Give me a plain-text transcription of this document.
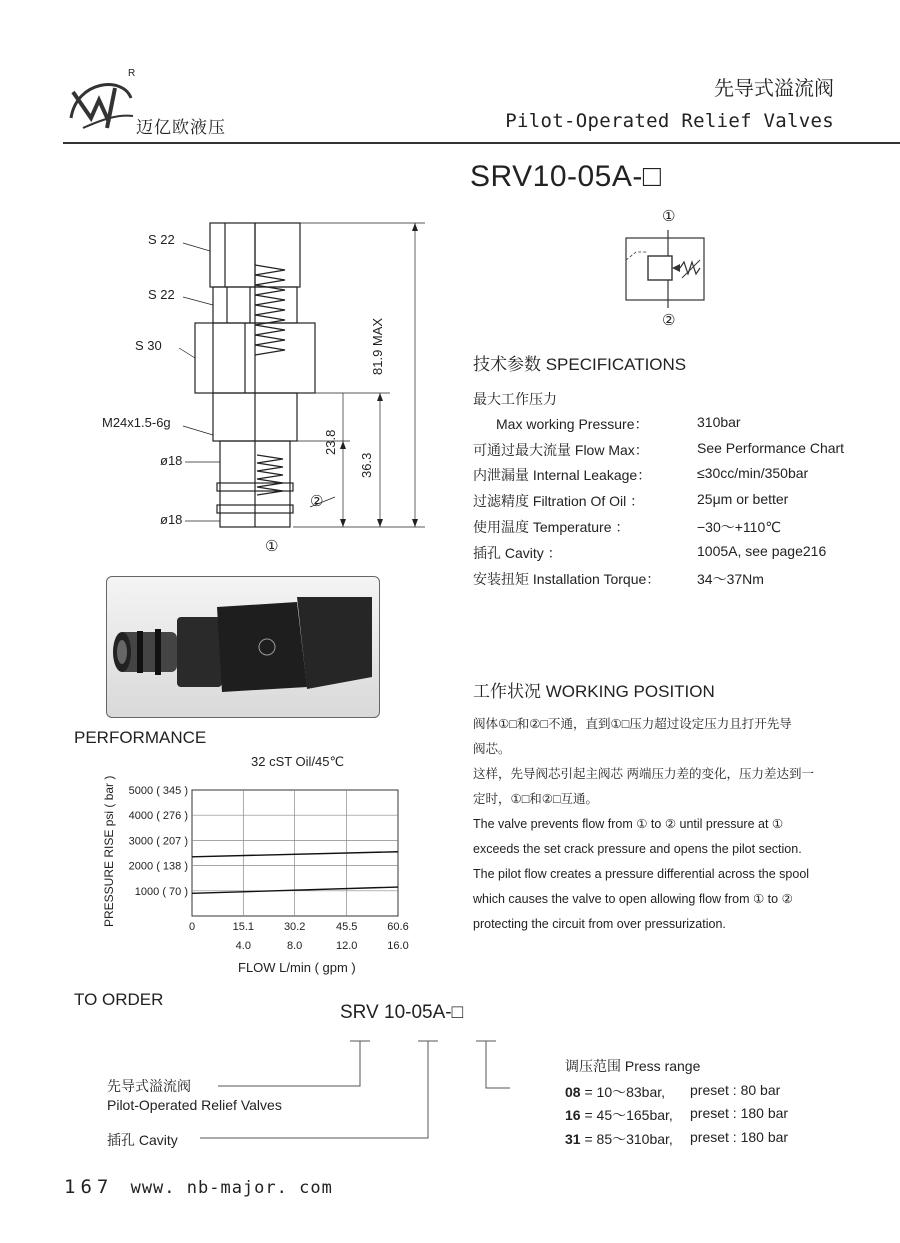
R
迈亿欧液压
先导式溢流阀
Pilot-Operated Relief Valves
SRV10-05A-□
①
②
S 22
S 22
S 30
M24x1.5-6g
ø18
ø18
81.9 MAX
36.3
23.8
②
①
技术参数 SPECIFICATIONS
最大工作压力
Max working Pressure：	310bar
可通过最大流量 Flow Max：	See Performance Chart
内泄漏量 Internal Leakage：	≤30cc/min/350bar
过滤精度 Filtration Of Oil ：	25μm or better
使用温度 Temperature ：	−30～+110℃
插孔 Cavity ：	1005A, see page216
安装扭矩 Installation Torque：	34～37Nm
工作状况 WORKING POSITION
阀体①□和②□不通，直到①□压力超过设定压力且打开先导
阀芯。
这样，先导阀芯引起主阀芯 两端压力差的变化，压力差达到一
定时，①□和②□互通。
The valve prevents flow from ① to ② until pressure at ①
exceeds the set crack pressure and opens the pilot section.
The pilot flow creates a pressure differential across the spool
which causes the valve to open allowing flow from ① to ②
protecting the circuit from over pressurization.
PERFORMANCE
32 cST Oil/45℃
0	15.1	30.2	45.5	60.6
4.0	8.0	12.0	16.0
1000 ( 70 )
2000 ( 138 )
3000 ( 207 )
4000 ( 276 )
5000 ( 345 )
PRESSURE RISE psi ( bar )
FLOW L/min ( gpm )
TO ORDER
SRV 10-05A-□
先导式溢流阀
Pilot-Operated Relief Valves
插孔 Cavity
调压范围 Press range
08 = 10～83bar, preset : 80 bar
16 = 45～165bar, preset : 180 bar
31 = 85～310bar, preset : 180 bar
167 www. nb-major. com
